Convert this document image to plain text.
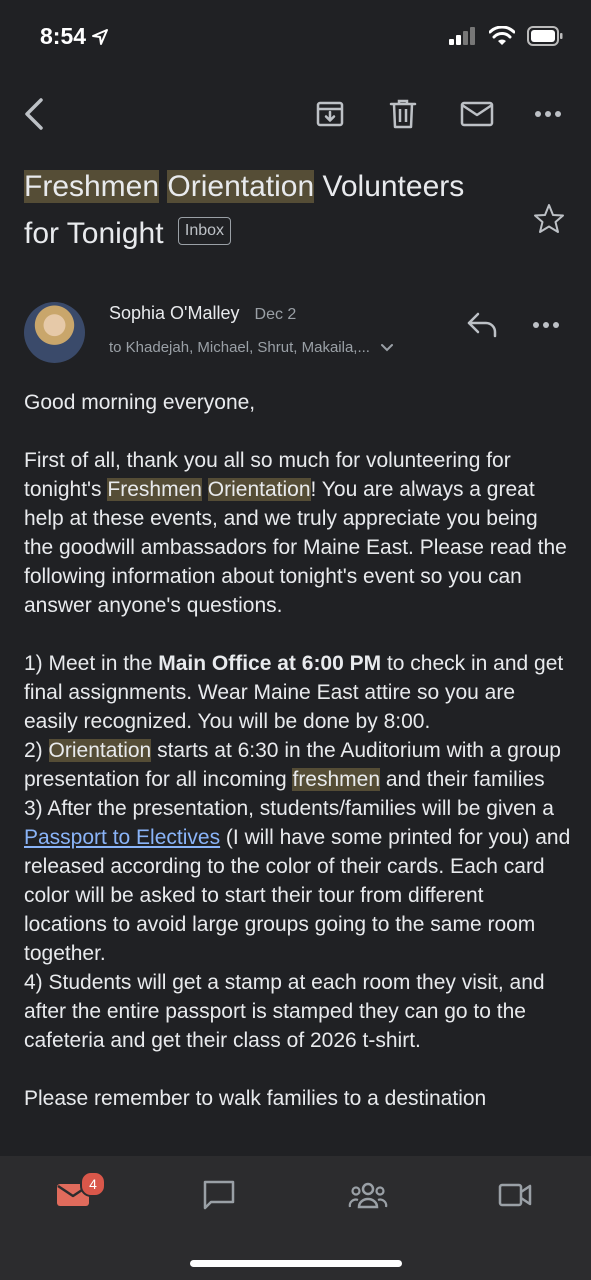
8:54
Freshmen Orientation Volunteers
for Tonight Inbox
Sophia O'Malley Dec 2
to Khadejah, Michael, Shrut, Makaila,...

Good morning everyone,

First of all, thank you all so much for volunteering for tonight's Freshmen Orientation! You are always a great help at these events, and we truly appreciate you being the goodwill ambassadors for Maine East. Please read the following information about tonight's event so you can answer anyone's questions.

1) Meet in the Main Office at 6:00 PM to check in and get final assignments. Wear Maine East attire so you are easily recognized. You will be done by 8:00.

2) Orientation starts at 6:30 in the Auditorium with a group presentation for all incoming freshmen and their families

3) After the presentation, students/families will be given a Passport to Electives (I will have some printed for you) and released according to the color of their cards. Each card color will be asked to start their tour from different locations to avoid large groups going to the same room together.

4) Students will get a stamp at each room they visit, and after the entire passport is stamped they can go to the cafeteria and get their class of 2026 t-shirt.

Please remember to walk families to a destination

4
